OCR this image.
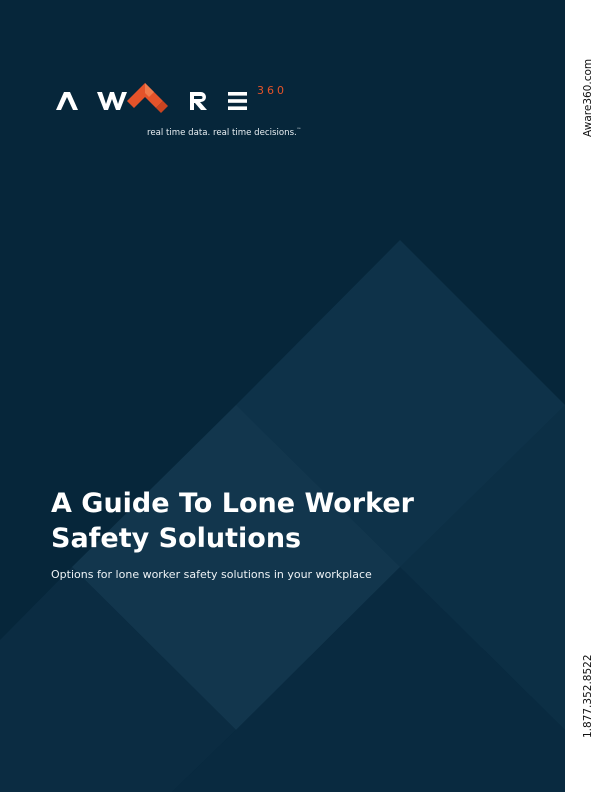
360
real time data. real time decisions.™
A Guide To Lone Worker
Safety Solutions
Options for lone worker safety solutions in your workplace
Aware360.com
1.877.352.8522
